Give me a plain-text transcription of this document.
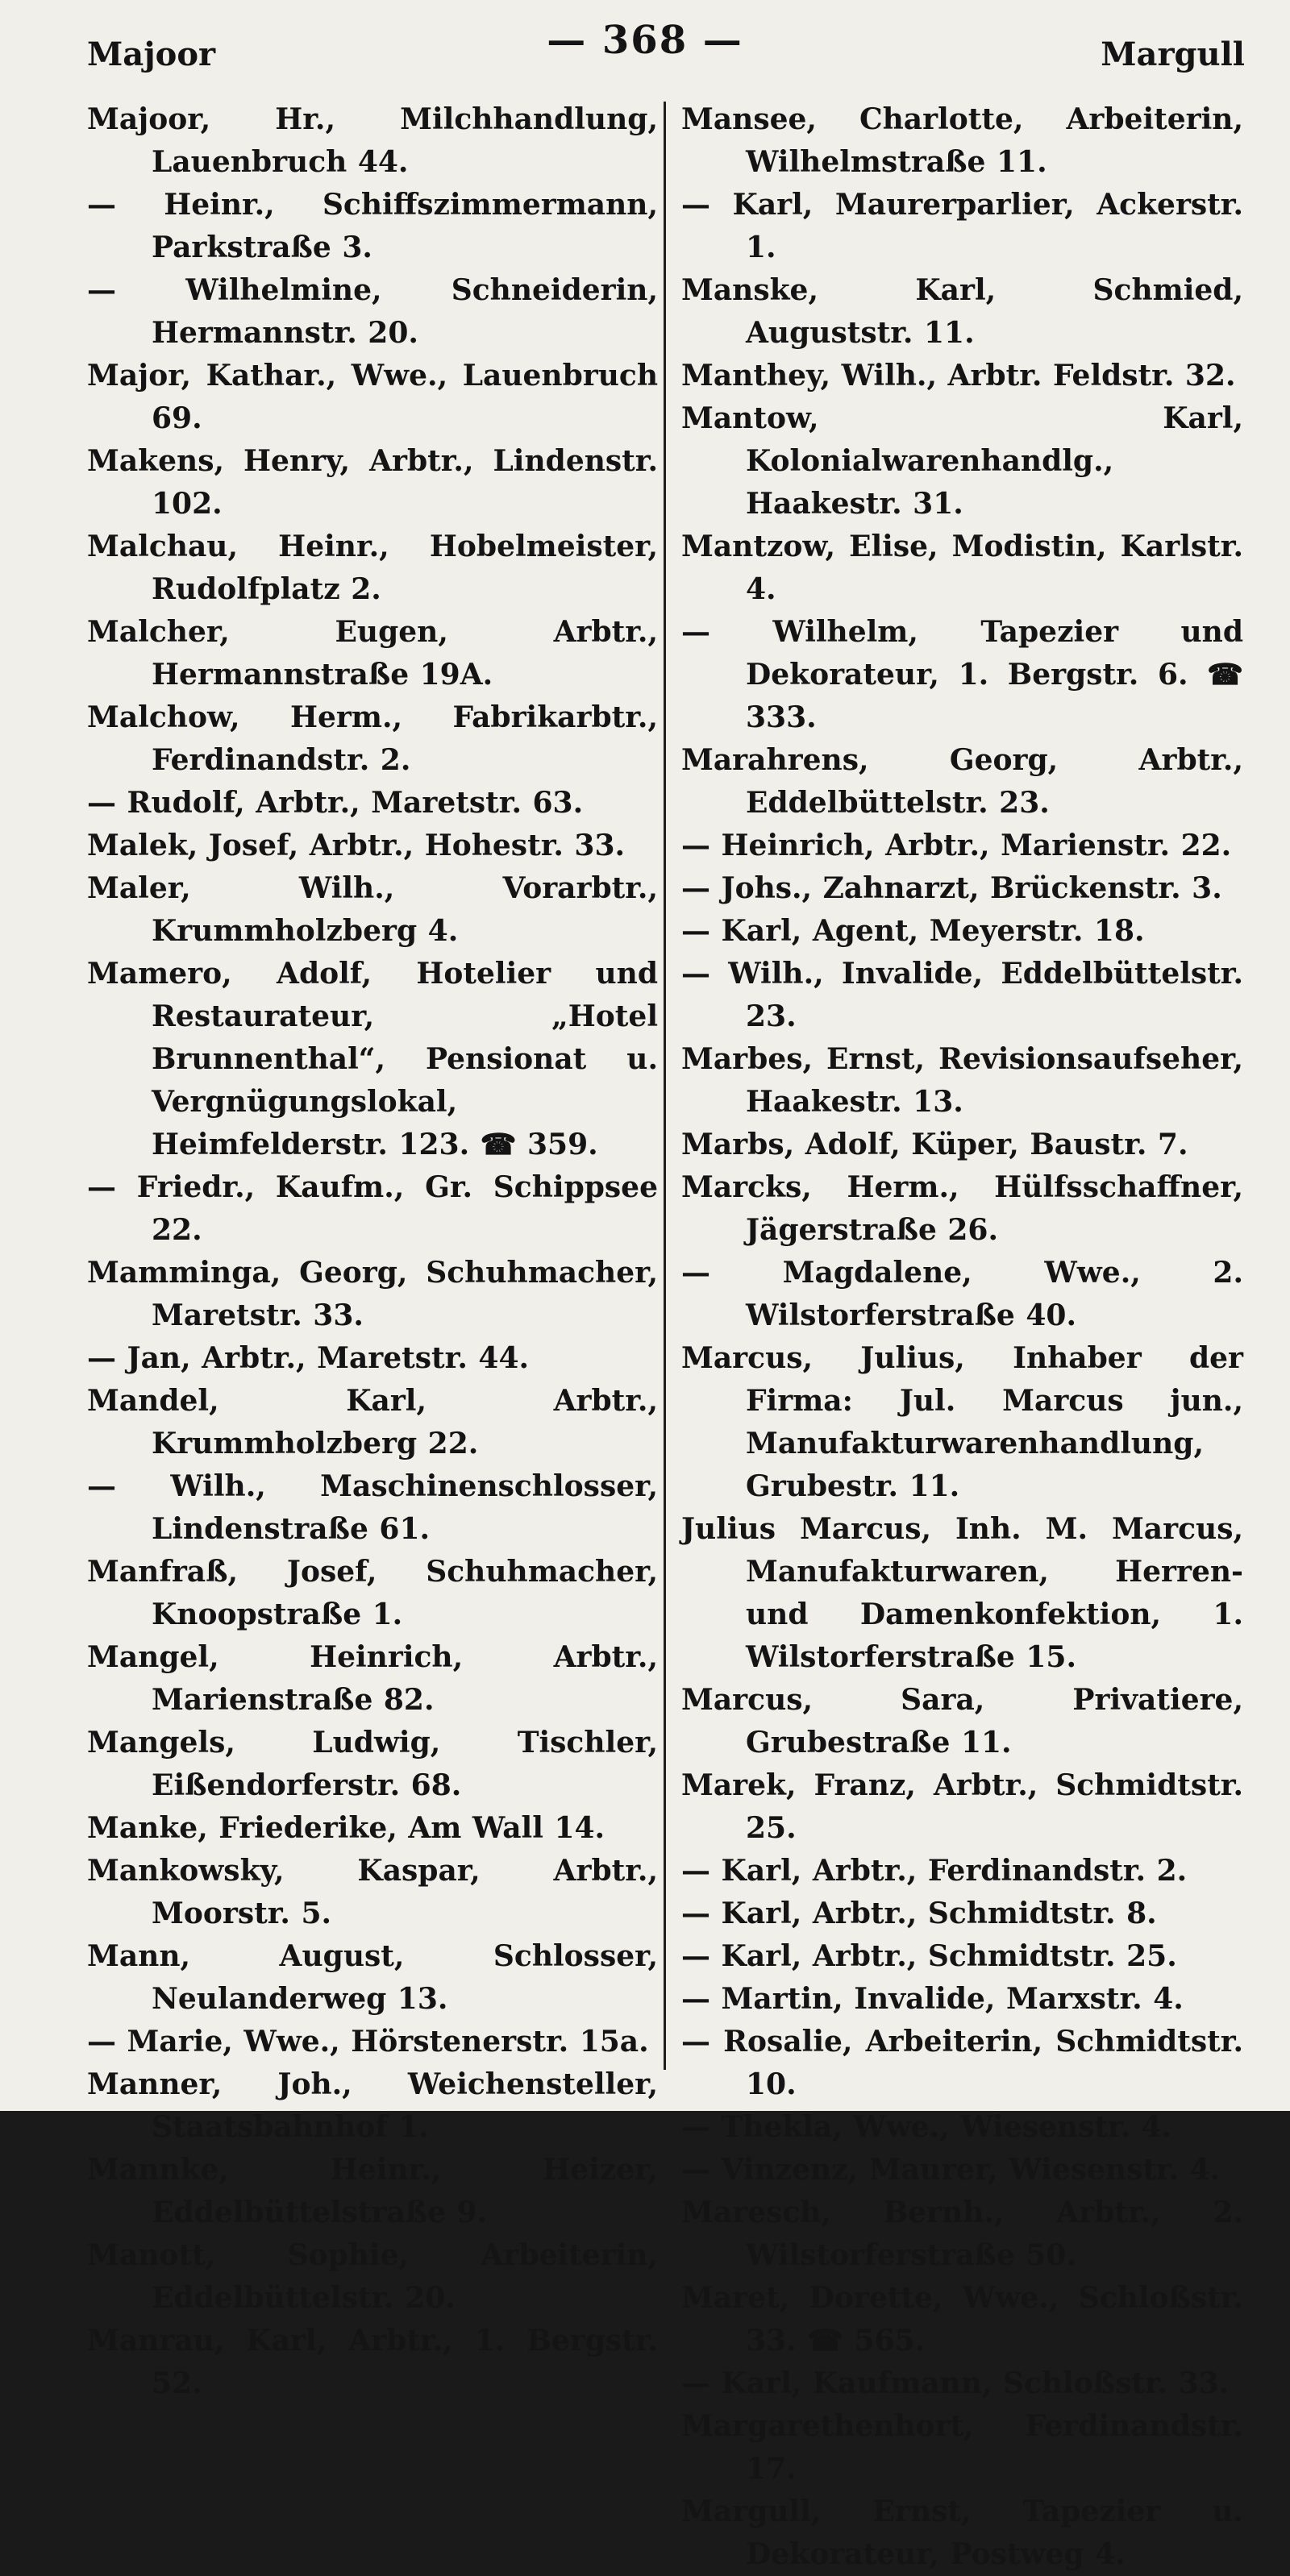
Majoor	— 368 —	Margull

Majoor, Hr., Milchhandlung, Lauenbruch 44.

— Heinr., Schiffszimmermann, Parkstraße 3.

— Wilhelmine, Schneiderin, Hermannstr. 20.

Major, Kathar., Wwe., Lauenbruch 69.

Makens, Henry, Arbtr., Lindenstr. 102.

Malchau, Heinr., Hobelmeister, Rudolfplatz 2.

Malcher, Eugen, Arbtr., Hermannstraße 19A.

Malchow, Herm., Fabrikarbtr., Ferdinandstr. 2.

— Rudolf, Arbtr., Maretstr. 63.

Malek, Josef, Arbtr., Hohestr. 33.

Maler, Wilh., Vorarbtr., Krummholzberg 4.

Mamero, Adolf, Hotelier und Restaurateur, „Hotel Brunnenthal“, Pensionat u. Vergnügungslokal, Heimfelderstr. 123. ☎ 359.

— Friedr., Kaufm., Gr. Schippsee 22.

Mamminga, Georg, Schuhmacher, Maretstr. 33.

— Jan, Arbtr., Maretstr. 44.

Mandel, Karl, Arbtr., Krummholzberg 22.

— Wilh., Maschinenschlosser, Lindenstraße 61.

Manfraß, Josef, Schuhmacher, Knoopstraße 1.

Mangel, Heinrich, Arbtr., Marienstraße 82.

Mangels, Ludwig, Tischler, Eißendorferstr. 68.

Manke, Friederike, Am Wall 14.

Mankowsky, Kaspar, Arbtr., Moorstr. 5.

Mann, August, Schlosser, Neulanderweg 13.

— Marie, Wwe., Hörstenerstr. 15a.

Manner, Joh., Weichensteller, Staatsbahnhof 1.

Mannke, Heinr., Heizer, Eddelbüttelstraße 9.

Manott, Sophie, Arbeiterin, Eddelbüttelstr. 20.

Manrau, Karl, Arbtr., 1. Bergstr. 52.

Mansee, Charlotte, Arbeiterin, Wilhelmstraße 11.

— Karl, Maurerparlier, Ackerstr. 1.

Manske, Karl, Schmied, Auguststr. 11.

Manthey, Wilh., Arbtr. Feldstr. 32.

Mantow, Karl, Kolonialwarenhandlg., Haakestr. 31.

Mantzow, Elise, Modistin, Karlstr. 4.

— Wilhelm, Tapezier und Dekorateur, 1. Bergstr. 6. ☎ 333.

Marahrens, Georg, Arbtr., Eddelbüttelstr. 23.

— Heinrich, Arbtr., Marienstr. 22.

— Johs., Zahnarzt, Brückenstr. 3.

— Karl, Agent, Meyerstr. 18.

— Wilh., Invalide, Eddelbüttelstr. 23.

Marbes, Ernst, Revisionsaufseher, Haakestr. 13.

Marbs, Adolf, Küper, Baustr. 7.

Marcks, Herm., Hülfsschaffner, Jägerstraße 26.

— Magdalene, Wwe., 2. Wilstorferstraße 40.

Marcus, Julius, Inhaber der Firma: Jul. Marcus jun., Manufakturwarenhandlung, Grubestr. 11.

Julius Marcus, Inh. M. Marcus, Manufakturwaren, Herren- und Damenkonfektion, 1. Wilstorferstraße 15.

Marcus, Sara, Privatiere, Grubestraße 11.

Marek, Franz, Arbtr., Schmidtstr. 25.

— Karl, Arbtr., Ferdinandstr. 2.

— Karl, Arbtr., Schmidtstr. 8.

— Karl, Arbtr., Schmidtstr. 25.

— Martin, Invalide, Marxstr. 4.

— Rosalie, Arbeiterin, Schmidtstr. 10.

— Thekla, Wwe., Wiesenstr. 4.

— Vinzenz, Maurer, Wiesenstr. 4.

Maresch, Bernh., Arbtr., 2. Wilstorferstraße 50.

Maret, Dorette, Wwe., Schloßstr. 33. ☎ 565.

— Karl, Kaufmann, Schloßstr. 33.

Margarethenhort, Ferdinandstr. 17.

Margull, Ernst, Tapezier u. Dekorateur, Postweg 4.
